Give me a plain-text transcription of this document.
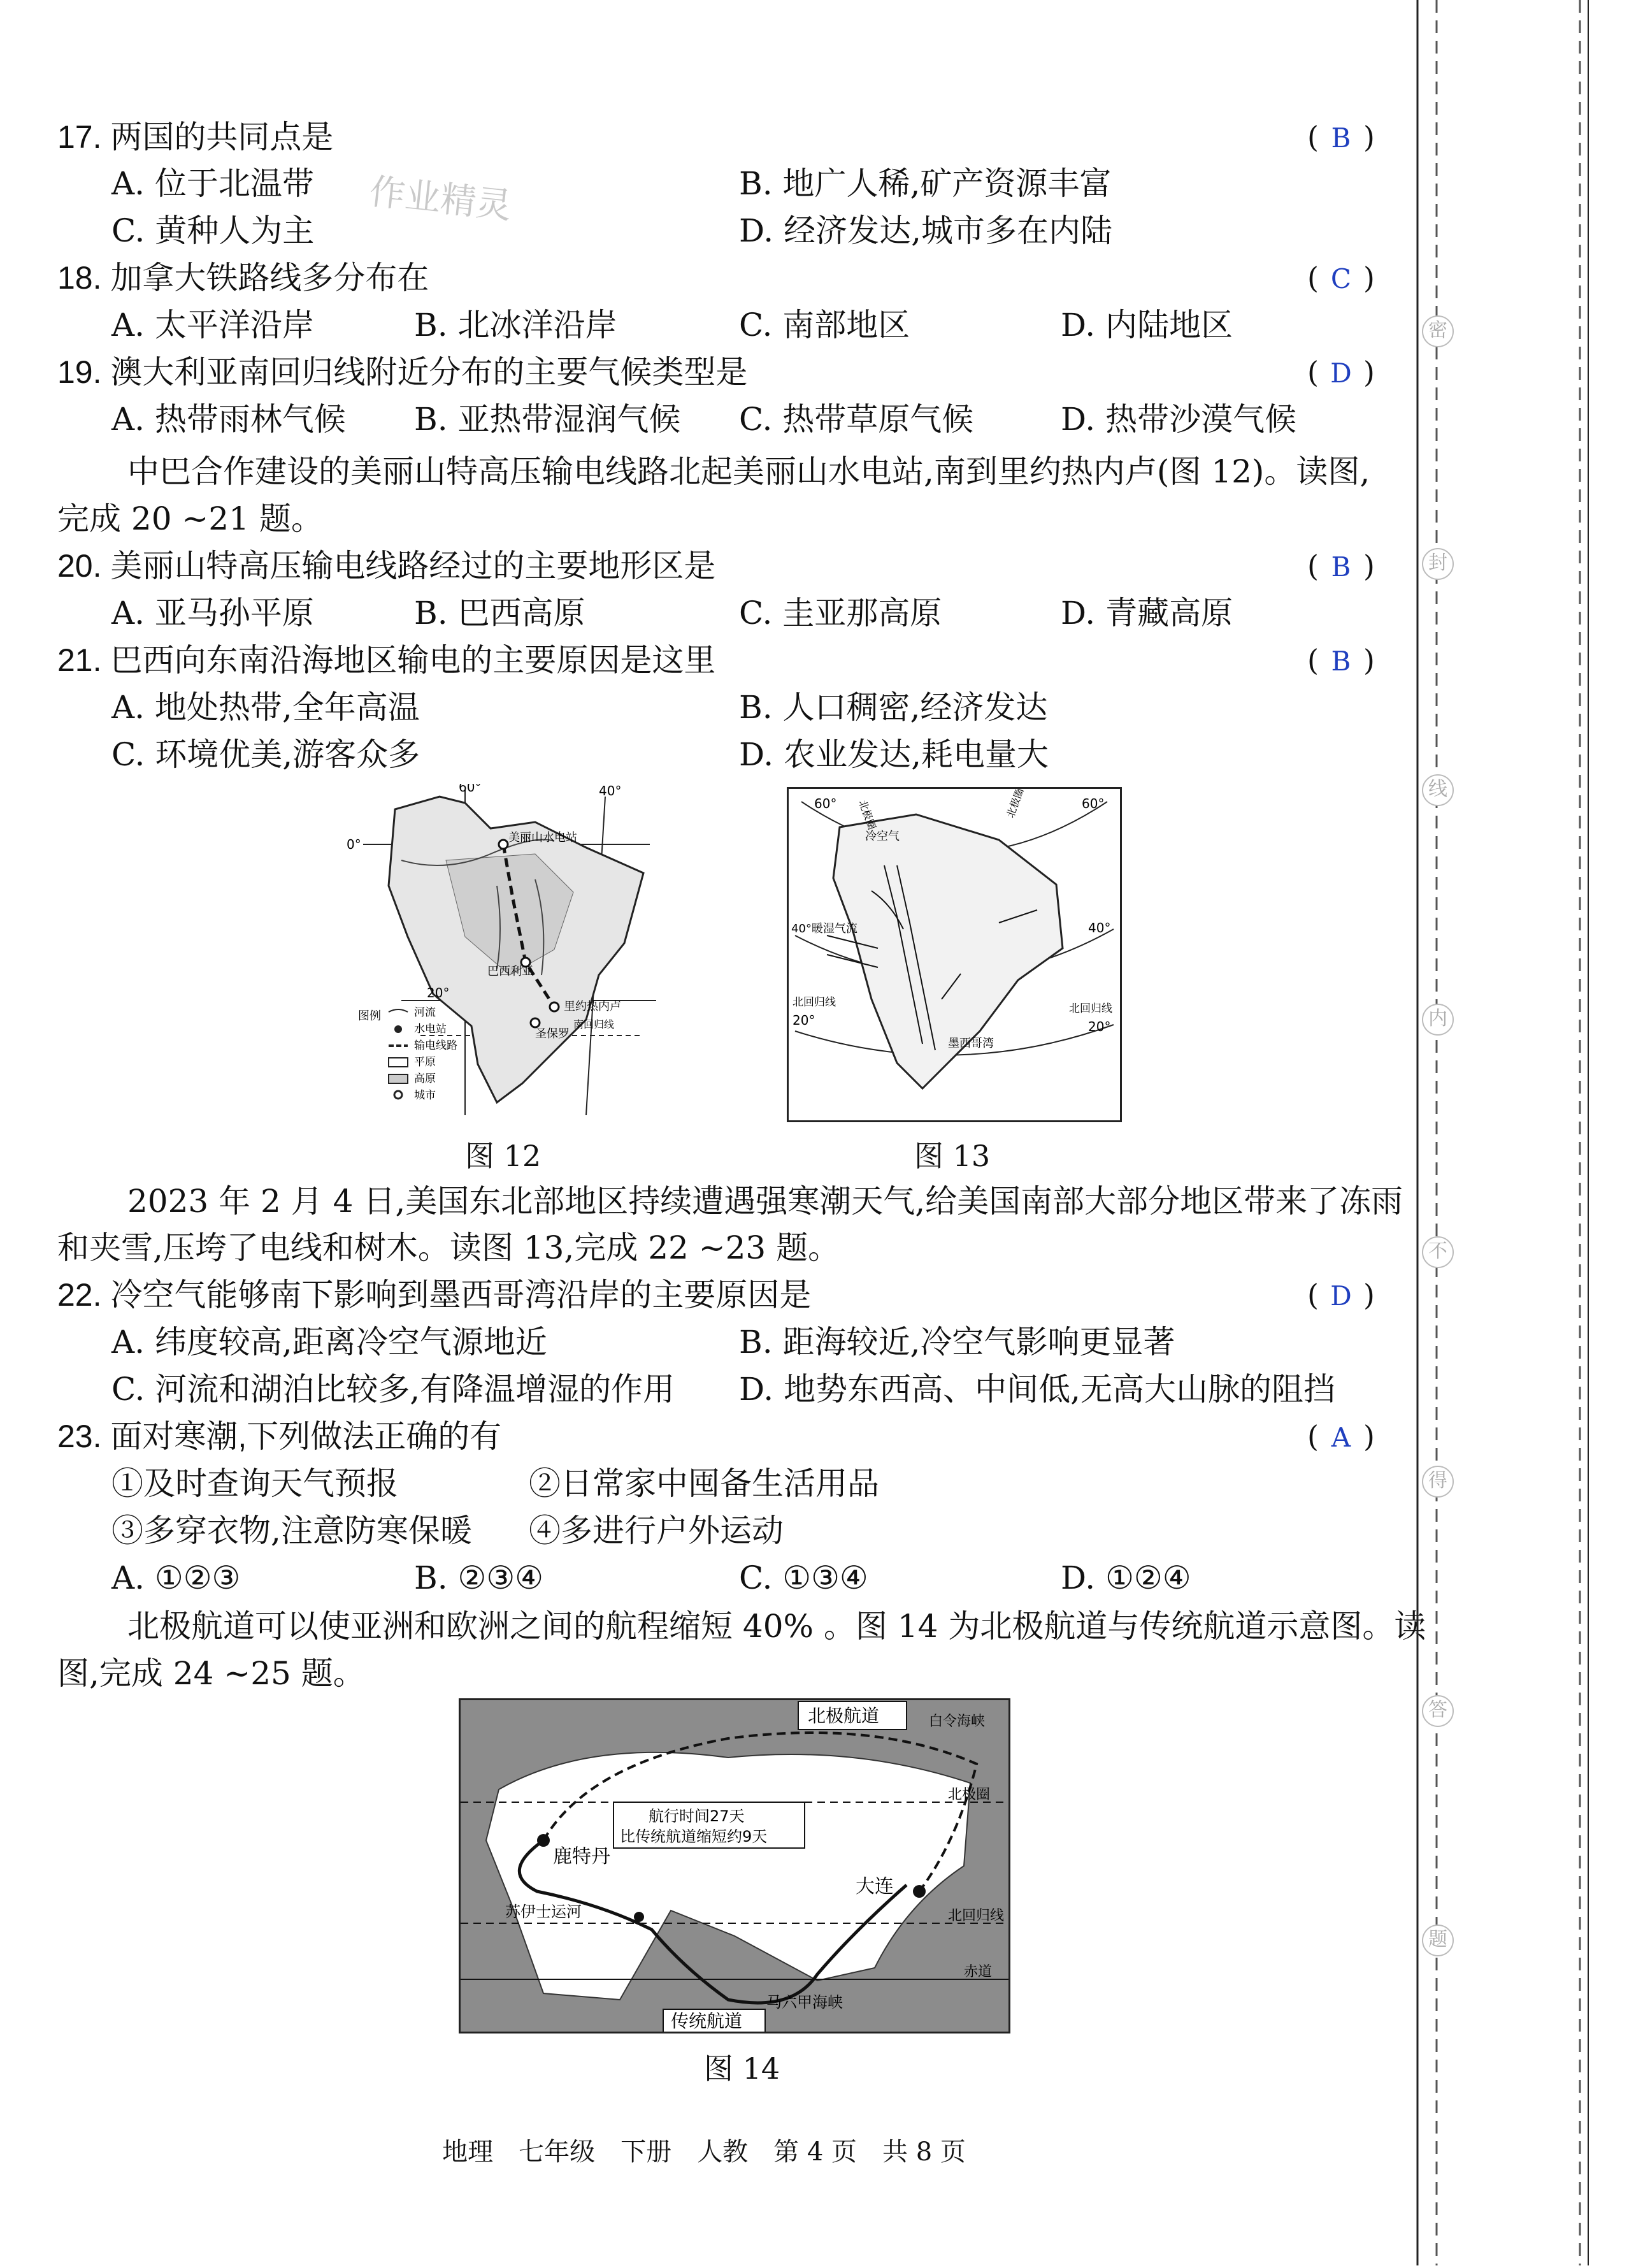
作业精灵
17. 两国的共同点是	( B )
A. 位于北温带	B. 地广人稀,矿产资源丰富
C. 黄种人为主	D. 经济发达,城市多在内陆
18. 加拿大铁路线多分布在	( C )
A. 太平洋沿岸	B. 北冰洋沿岸	C. 南部地区	D. 内陆地区
19. 澳大利亚南回归线附近分布的主要气候类型是	( D )
A. 热带雨林气候 B. 亚热带湿润气候 C. 热带草原气候	D. 热带沙漠气候
中巴合作建设的美丽山特高压输电线路北起美丽山水电站,南到里约热内卢(图 12)。读图,
完成 20 ~21 题。
20. 美丽山特高压输电线路经过的主要地形区是	( B )
A. 亚马孙平原	B. 巴西高原	C. 圭亚那高原	D. 青藏高原
21. 巴西向东南沿海地区输电的主要原因是这里	( B )
A. 地处热带,全年高温	B. 人口稠密,经济发达
C. 环境优美,游客众多	D. 农业发达,耗电量大
60°	40°
0°
20°
美丽山水电站
巴西利亚
里约热内卢
圣保罗
南回归线
图例	河流
水电站
输电线路
平原
高原
城市
图 12
60°	60°
冷空气
40°暖湿气流	40°
北回归线	北回归线
20°	20°
墨西哥湾
北极圈	北极圈
图 13
2023 年 2 月 4 日,美国东北部地区持续遭遇强寒潮天气,给美国南部大部分地区带来了冻雨
和夹雪,压垮了电线和树木。读图 13,完成 22 ~23 题。
22. 冷空气能够南下影响到墨西哥湾沿岸的主要原因是	( D )
A. 纬度较高,距离冷空气源地近	B. 距海较近,冷空气影响更显著
C. 河流和湖泊比较多,有降温增湿的作用 D. 地势东西高、中间低,无高大山脉的阻挡
23. 面对寒潮,下列做法正确的有	( A )
①及时查询天气预报	②日常家中囤备生活用品
③多穿衣物,注意防寒保暖 ④多进行户外运动
A. ①②③	B. ②③④	C. ①③④	D. ①②④
北极航道可以使亚洲和欧洲之间的航程缩短 40% 。图 14 为北极航道与传统航道示意图。读
图,完成 24 ~25 题。
北极航道	白令海峡
北极圈
航行时间27天
比传统航道缩短约9天
鹿特丹
大连
苏伊士运河	北回归线
赤道
马六甲海峡
传统航道
图 14
地理　七年级　下册　人教　第 4 页　共 8 页
密
封
线
内
不
得
答
题
